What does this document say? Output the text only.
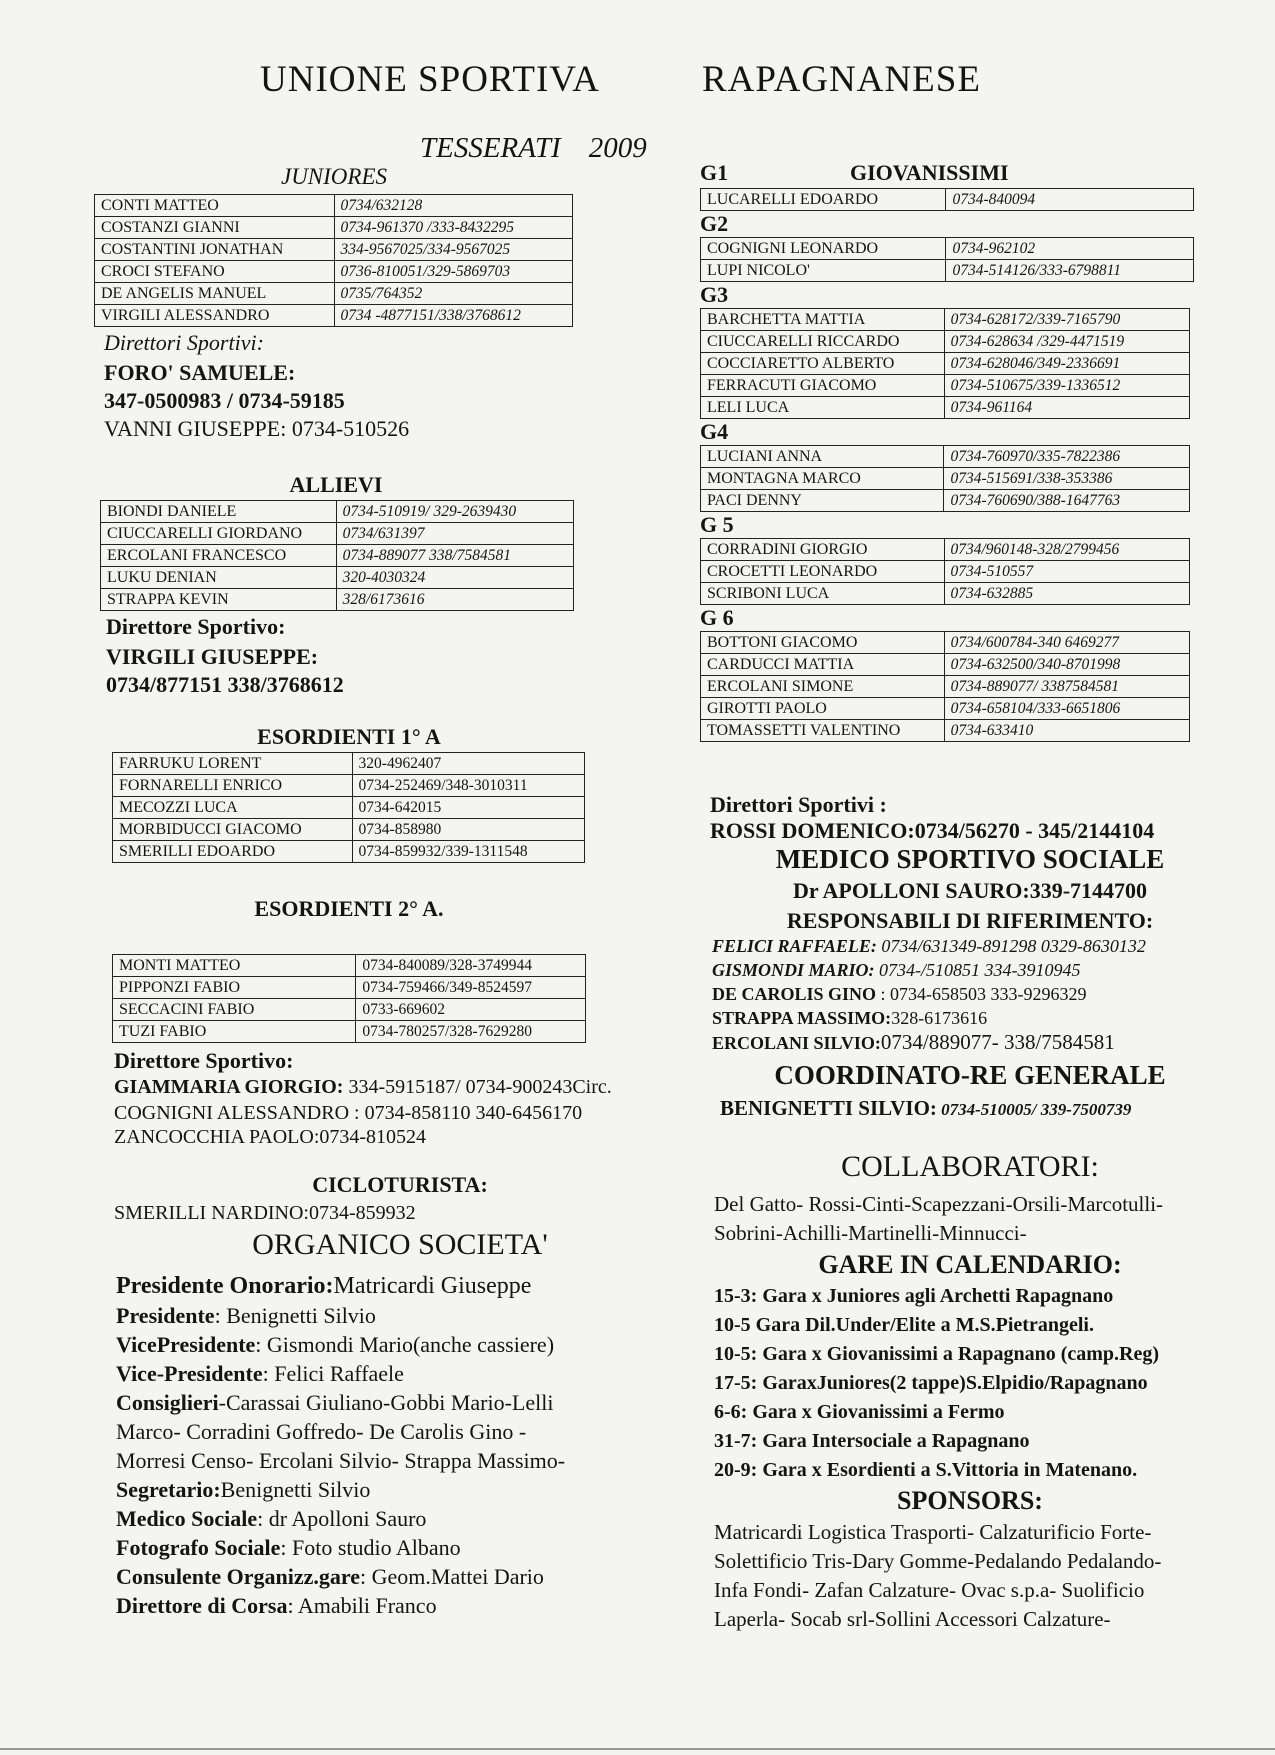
UNIONE SPORTIVA	RAPAGNANESE
TESSERATI 2009
JUNIORES
CONTI MATTEO	0734/632128
COSTANZI GIANNI	0734-961370 /333-8432295
COSTANTINI JONATHAN	334-9567025/334-9567025
CROCI STEFANO	0736-810051/329-5869703
DE ANGELIS MANUEL	0735/764352
VIRGILI ALESSANDRO	0734 -4877151/338/3768612
Direttori Sportivi:
FORO' SAMUELE:
347-0500983 / 0734-59185
VANNI GIUSEPPE: 0734-510526
ALLIEVI
BIONDI DANIELE	0734-510919/ 329-2639430
CIUCCARELLI GIORDANO	0734/631397
ERCOLANI FRANCESCO	0734-889077 338/7584581
LUKU DENIAN	320-4030324
STRAPPA KEVIN	328/6173616
Direttore Sportivo:
VIRGILI GIUSEPPE:
0734/877151 338/3768612
ESORDIENTI 1° A
FARRUKU LORENT	320-4962407
FORNARELLI ENRICO	0734-252469/348-3010311
MECOZZI LUCA	0734-642015
MORBIDUCCI GIACOMO	0734-858980
SMERILLI EDOARDO	0734-859932/339-1311548
ESORDIENTI 2° A.
MONTI MATTEO	0734-840089/328-3749944
PIPPONZI FABIO	0734-759466/349-8524597
SECCACINI FABIO	0733-669602
TUZI FABIO	0734-780257/328-7629280
Direttore Sportivo:
GIAMMARIA GIORGIO: 334-5915187/ 0734-900243Circ.
COGNIGNI ALESSANDRO : 0734-858110 340-6456170
ZANCOCCHIA PAOLO:0734-810524
CICLOTURISTA:
SMERILLI NARDINO:0734-859932
ORGANICO SOCIETA'
Presidente Onorario:Matricardi Giuseppe
Presidente: Benignetti Silvio
VicePresidente: Gismondi Mario(anche cassiere)
Vice-Presidente: Felici Raffaele
Consiglieri-Carassai Giuliano-Gobbi Mario-Lelli
Marco- Corradini Goffredo- De Carolis Gino -
Morresi Censo- Ercolani Silvio- Strappa Massimo-
Segretario:Benignetti Silvio
Medico Sociale: dr Apolloni Sauro
Fotografo Sociale: Foto studio Albano
Consulente Organizz.gare: Geom.Mattei Dario
Direttore di Corsa: Amabili Franco
G1	GIOVANISSIMI
LUCARELLI EDOARDO	0734-840094
G2
COGNIGNI LEONARDO	0734-962102
LUPI NICOLO'	0734-514126/333-6798811
G3
BARCHETTA MATTIA	0734-628172/339-7165790
CIUCCARELLI RICCARDO	0734-628634 /329-4471519
COCCIARETTO ALBERTO	0734-628046/349-2336691
FERRACUTI GIACOMO	0734-510675/339-1336512
LELI LUCA	0734-961164
G4
LUCIANI ANNA	0734-760970/335-7822386
MONTAGNA MARCO	0734-515691/338-353386
PACI DENNY	0734-760690/388-1647763
G 5
CORRADINI GIORGIO	0734/960148-328/2799456
CROCETTI LEONARDO	0734-510557
SCRIBONI LUCA	0734-632885
G 6
BOTTONI GIACOMO	0734/600784-340 6469277
CARDUCCI MATTIA	0734-632500/340-8701998
ERCOLANI SIMONE	0734-889077/ 3387584581
GIROTTI PAOLO	0734-658104/333-6651806
TOMASSETTI VALENTINO	0734-633410
Direttori Sportivi :
ROSSI DOMENICO:0734/56270 - 345/2144104
MEDICO SPORTIVO SOCIALE
Dr APOLLONI SAURO:339-7144700
RESPONSABILI DI RIFERIMENTO:
FELICI RAFFAELE: 0734/631349-891298 0329-8630132
GISMONDI MARIO: 0734-/510851 334-3910945
DE CAROLIS GINO : 0734-658503 333-9296329
STRAPPA MASSIMO:328-6173616
ERCOLANI SILVIO:0734/889077- 338/7584581
COORDINATO-RE GENERALE
BENIGNETTI SILVIO: 0734-510005/ 339-7500739
COLLABORATORI:
Del Gatto- Rossi-Cinti-Scapezzani-Orsili-Marcotulli-
Sobrini-Achilli-Martinelli-Minnucci-
GARE IN CALENDARIO:
15-3: Gara x Juniores agli Archetti Rapagnano
10-5 Gara Dil.Under/Elite a M.S.Pietrangeli.
10-5: Gara x Giovanissimi a Rapagnano (camp.Reg)
17-5: GaraxJuniores(2 tappe)S.Elpidio/Rapagnano
6-6: Gara x Giovanissimi a Fermo
31-7: Gara Intersociale a Rapagnano
20-9: Gara x Esordienti a S.Vittoria in Matenano.
SPONSORS:
Matricardi Logistica Trasporti- Calzaturificio Forte-
Solettificio Tris-Dary Gomme-Pedalando Pedalando-
Infa Fondi- Zafan Calzature- Ovac s.p.a- Suolificio
Laperla- Socab srl-Sollini Accessori Calzature-
